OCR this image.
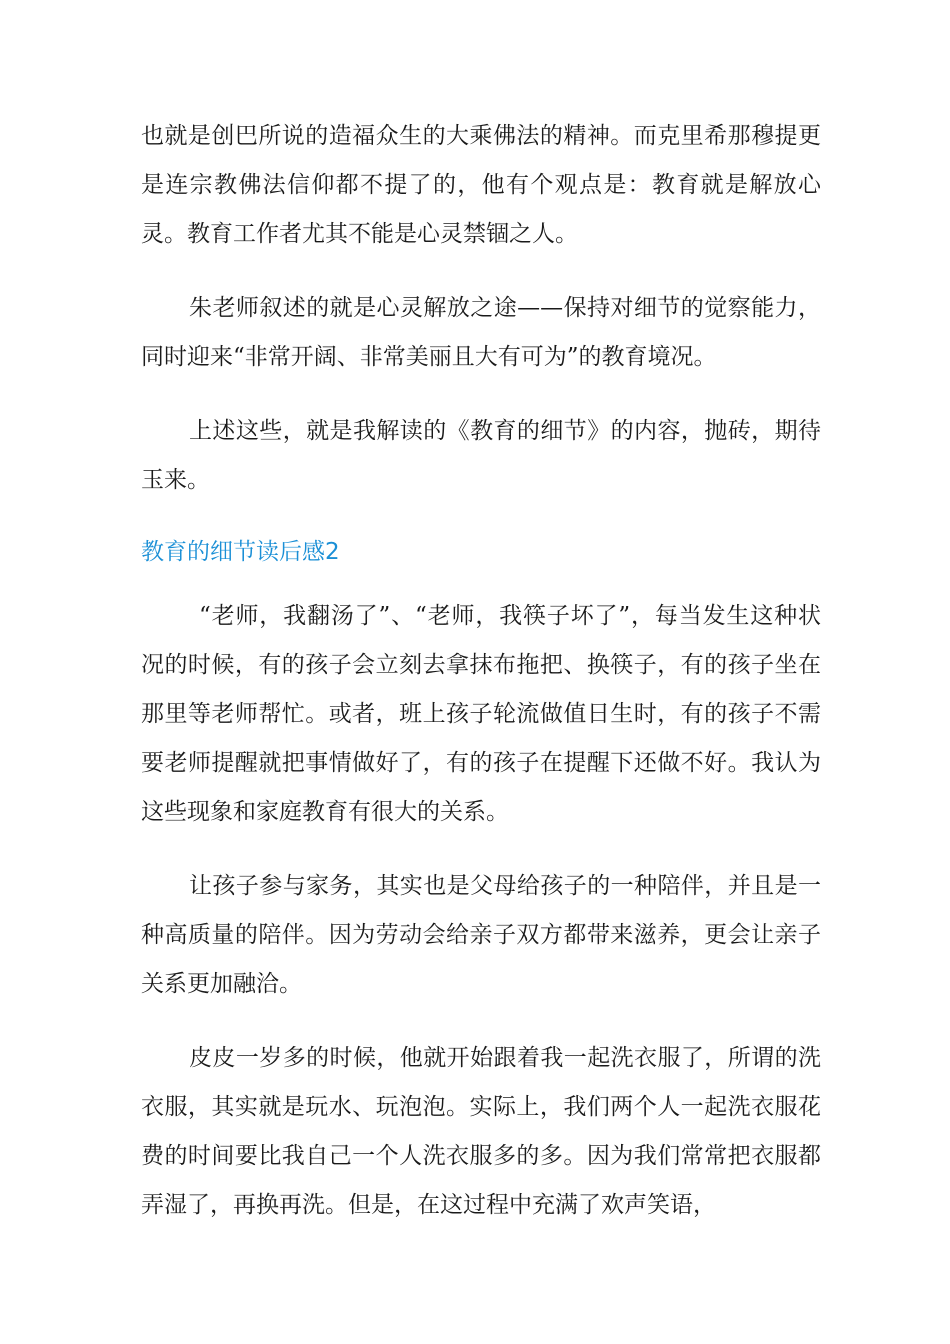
也就是创巴所说的造福众生的大乘佛法的精神。而克里希那穆提更是连宗教佛法信仰都不提了的，他有个观点是：教育就是解放心灵。教育工作者尤其不能是心灵禁锢之人。

朱老师叙述的就是心灵解放之途——保持对细节的觉察能力，同时迎来“非常开阔、非常美丽且大有可为”的教育境况。

上述这些，就是我解读的《教育的细节》的内容，抛砖，期待玉来。

教育的细节读后感2

“老师，我翻汤了”、“老师，我筷子坏了”，每当发生这种状况的时候，有的孩子会立刻去拿抹布拖把、换筷子，有的孩子坐在那里等老师帮忙。或者，班上孩子轮流做值日生时，有的孩子不需要老师提醒就把事情做好了，有的孩子在提醒下还做不好。我认为这些现象和家庭教育有很大的关系。

让孩子参与家务，其实也是父母给孩子的一种陪伴，并且是一种高质量的陪伴。因为劳动会给亲子双方都带来滋养，更会让亲子关系更加融洽。

皮皮一岁多的时候，他就开始跟着我一起洗衣服了，所谓的洗衣服，其实就是玩水、玩泡泡。实际上，我们两个人一起洗衣服花费的时间要比我自己一个人洗衣服多的多。因为我们常常把衣服都弄湿了，再换再洗。但是，在这过程中充满了欢声笑语，
